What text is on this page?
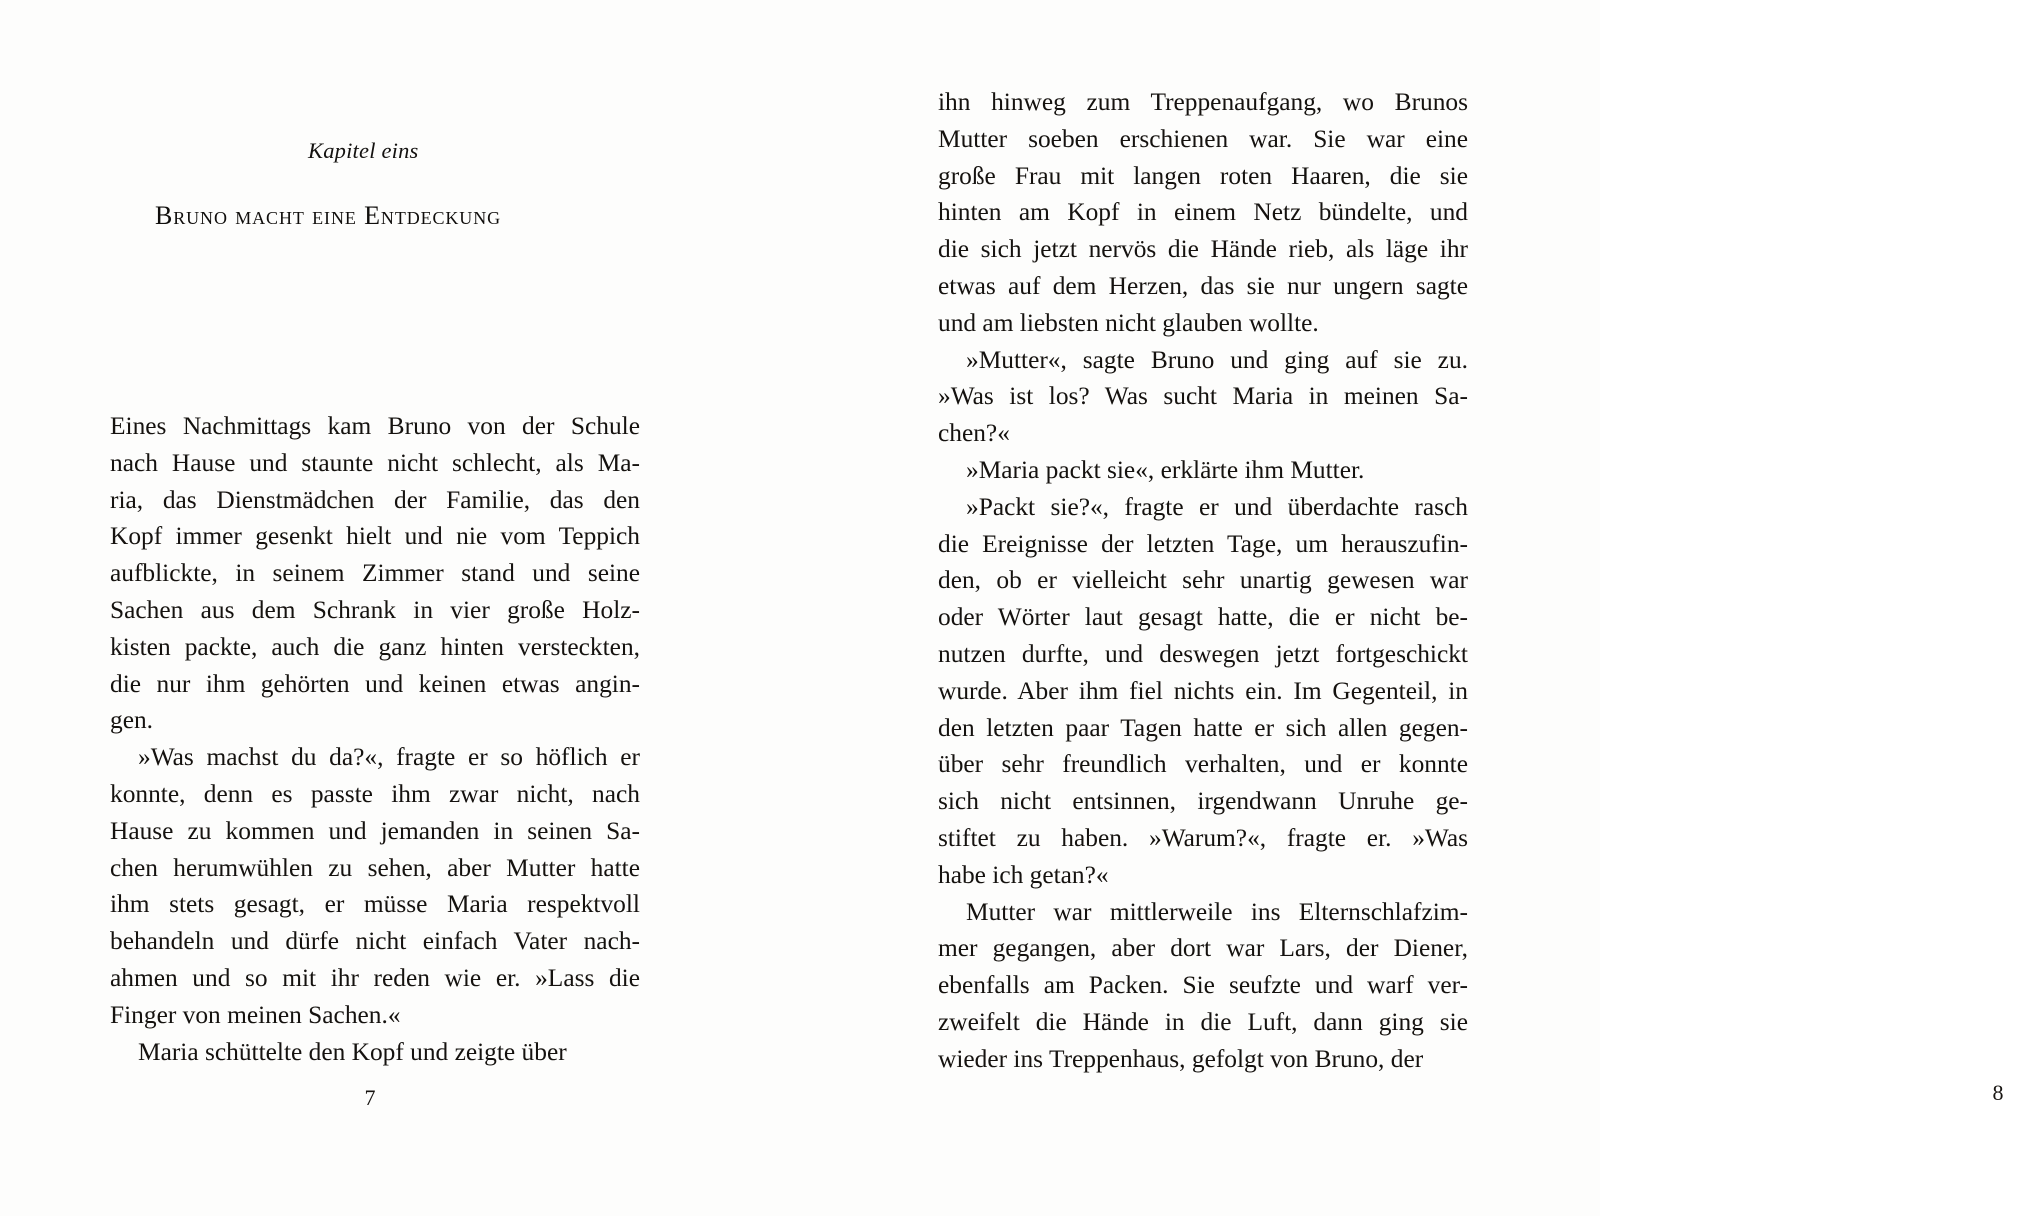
Kapitel eins
Bruno macht eine Entdeckung
Eines Nachmittags kam Bruno von der Schule
nach Hause und staunte nicht schlecht, als Ma-
ria, das Dienstmädchen der Familie, das den
Kopf immer gesenkt hielt und nie vom Teppich
aufblickte, in seinem Zimmer stand und seine
Sachen aus dem Schrank in vier große Holz-
kisten packte, auch die ganz hinten versteckten,
die nur ihm gehörten und keinen etwas angin-
gen.
»Was machst du da?«, fragte er so höflich er
konnte, denn es passte ihm zwar nicht, nach
Hause zu kommen und jemanden in seinen Sa-
chen herumwühlen zu sehen, aber Mutter hatte
ihm stets gesagt, er müsse Maria respektvoll
behandeln und dürfe nicht einfach Vater nach-
ahmen und so mit ihr reden wie er. »Lass die
Finger von meinen Sachen.«
Maria schüttelte den Kopf und zeigte über
7
ihn hinweg zum Treppenaufgang, wo Brunos
Mutter soeben erschienen war. Sie war eine
große Frau mit langen roten Haaren, die sie
hinten am Kopf in einem Netz bündelte, und
die sich jetzt nervös die Hände rieb, als läge ihr
etwas auf dem Herzen, das sie nur ungern sagte
und am liebsten nicht glauben wollte.
»Mutter«, sagte Bruno und ging auf sie zu.
»Was ist los? Was sucht Maria in meinen Sa-
chen?«
»Maria packt sie«, erklärte ihm Mutter.
»Packt sie?«, fragte er und überdachte rasch
die Ereignisse der letzten Tage, um herauszufin-
den, ob er vielleicht sehr unartig gewesen war
oder Wörter laut gesagt hatte, die er nicht be-
nutzen durfte, und deswegen jetzt fortgeschickt
wurde. Aber ihm fiel nichts ein. Im Gegenteil, in
den letzten paar Tagen hatte er sich allen gegen-
über sehr freundlich verhalten, und er konnte
sich nicht entsinnen, irgendwann Unruhe ge-
stiftet zu haben. »Warum?«, fragte er. »Was
habe ich getan?«
Mutter war mittlerweile ins Elternschlafzim-
mer gegangen, aber dort war Lars, der Diener,
ebenfalls am Packen. Sie seufzte und warf ver-
zweifelt die Hände in die Luft, dann ging sie
wieder ins Treppenhaus, gefolgt von Bruno, der
8
